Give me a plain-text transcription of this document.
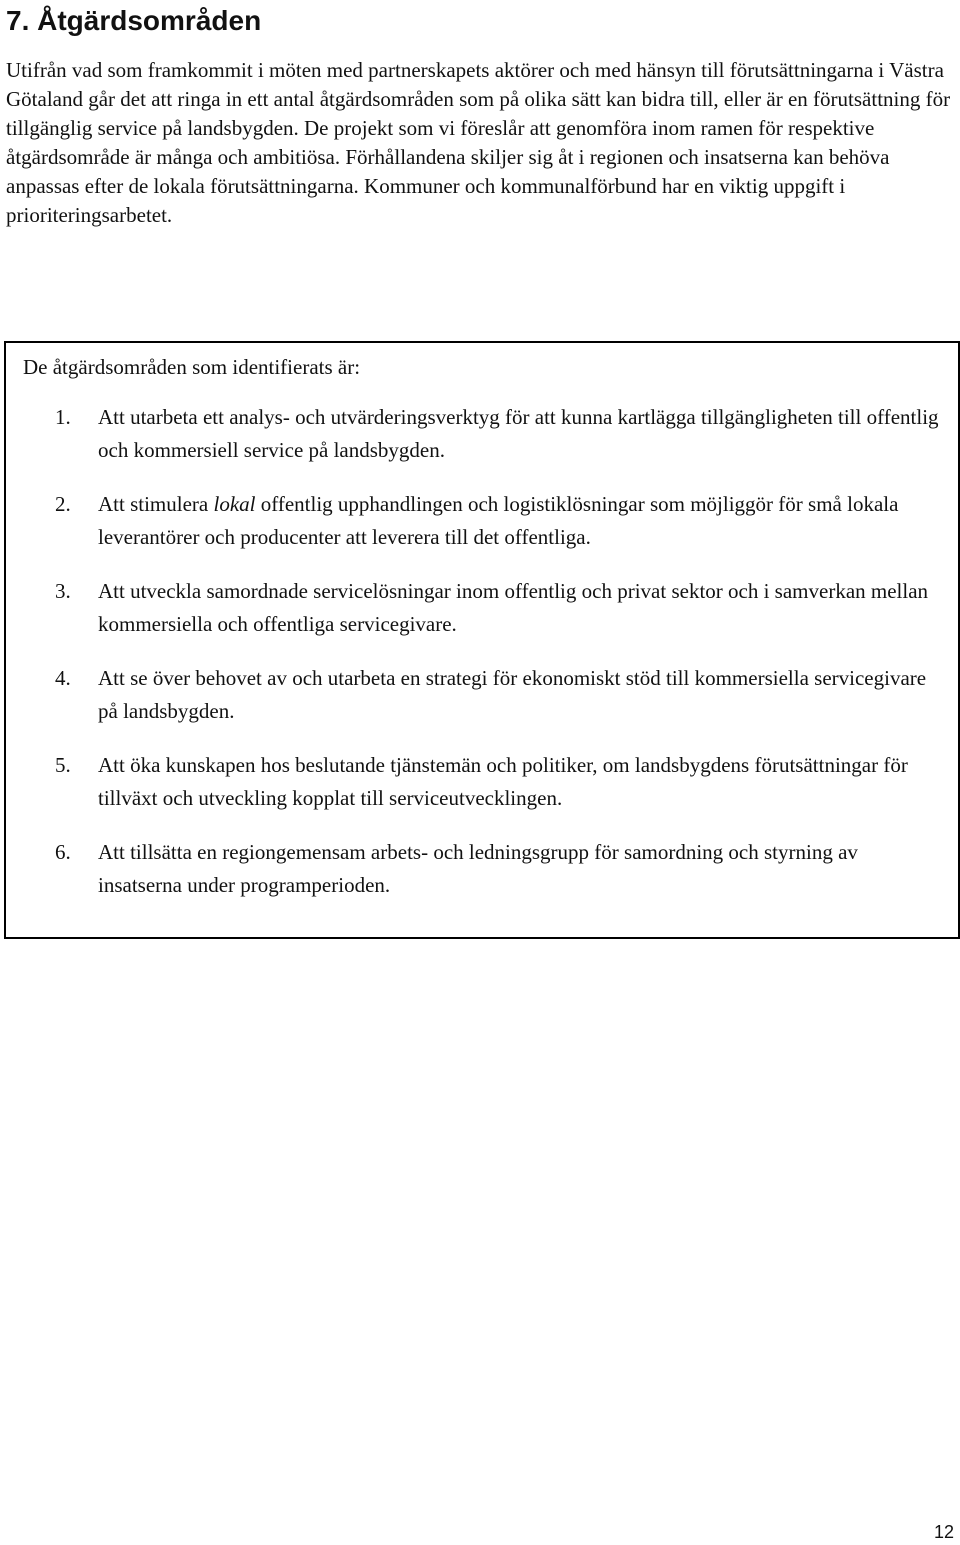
7. Åtgärdsområden

Utifrån vad som framkommit i möten med partnerskapets aktörer och med hänsyn till förutsättningarna i Västra Götaland går det att ringa in ett antal åtgärdsområden som på olika sätt kan bidra till, eller är en förutsättning för tillgänglig service på landsbygden. De projekt som vi föreslår att genomföra inom ramen för respektive åtgärdsområde är många och ambitiösa. Förhållandena skiljer sig åt i regionen och insatserna kan behöva anpassas efter de lokala förutsättningarna. Kommuner och kommunalförbund har en viktig uppgift i prioriteringsarbetet.

De åtgärdsområden som identifierats är:

1. Att utarbeta ett analys- och utvärderingsverktyg för att kunna kartlägga tillgängligheten till offentlig och kommersiell service på landsbygden.
2. Att stimulera lokal offentlig upphandlingen och logistiklösningar som möjliggör för små lokala leverantörer och producenter att leverera till det offentliga.
3. Att utveckla samordnade servicelösningar inom offentlig och privat sektor och i samverkan mellan kommersiella och offentliga servicegivare.
4. Att se över behovet av och utarbeta en strategi för ekonomiskt stöd till kommersiella servicegivare på landsbygden.
5. Att öka kunskapen hos beslutande tjänstemän och politiker, om landsbygdens förutsättningar för tillväxt och utveckling kopplat till serviceutvecklingen.
6. Att tillsätta en regiongemensam arbets- och ledningsgrupp för samordning och styrning av insatserna under programperioden.
12
